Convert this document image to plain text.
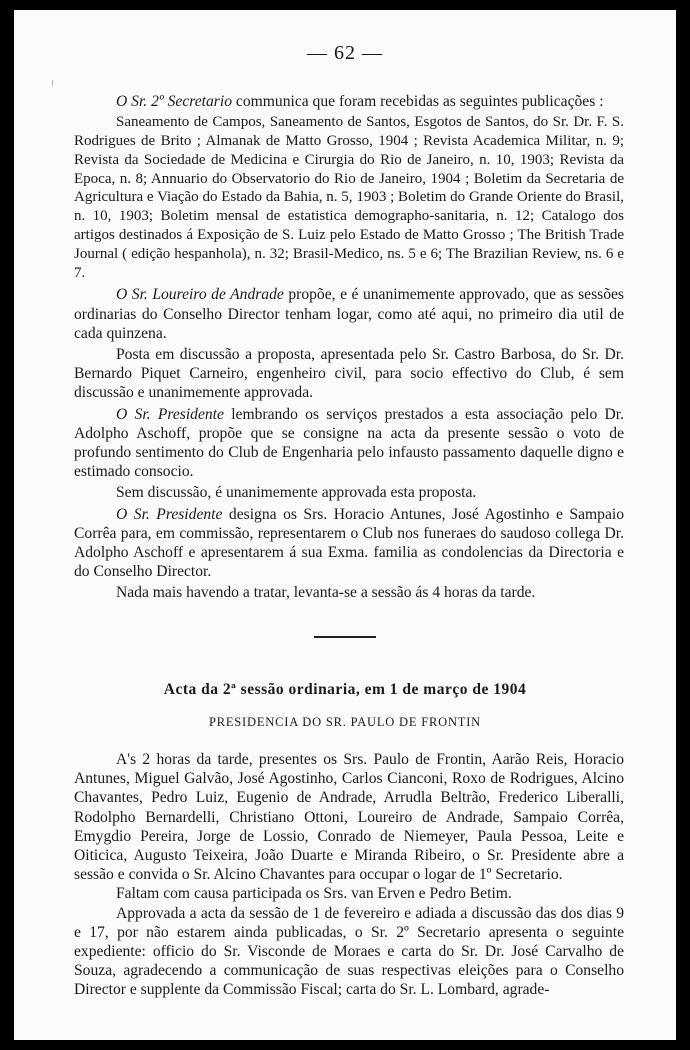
— 62 —

O Sr. 2º Secretario communica que foram recebidas as seguintes publicações :

Saneamento de Campos, Saneamento de Santos, Esgotos de Santos, do Sr. Dr. F. S. Rodrigues de Brito ; Almanak de Matto Grosso, 1904 ; Revista Academica Militar, n. 9; Revista da Sociedade de Medicina e Cirurgia do Rio de Janeiro, n. 10, 1903; Revista da Epoca, n. 8; Annuario do Observatorio do Rio de Janeiro, 1904 ; Boletim da Secretaria de Agricultura e Viação do Estado da Bahia, n. 5, 1903 ; Boletim do Grande Oriente do Brasil, n. 10, 1903; Boletim mensal de estatistica demographo-sanitaria, n. 12; Catalogo dos artigos destinados á Exposição de S. Luiz pelo Estado de Matto Grosso ; The British Trade Journal ( edição hespanhola), n. 32; Brasil-Medico, ns. 5 e 6; The Brazilian Review, ns. 6 e 7.

O Sr. Loureiro de Andrade propõe, e é unanimemente approvado, que as sessões ordinarias do Conselho Director tenham logar, como até aqui, no primeiro dia util de cada quinzena.

Posta em discussão a proposta, apresentada pelo Sr. Castro Barbosa, do Sr. Dr. Bernardo Piquet Carneiro, engenheiro civil, para socio effectivo do Club, é sem discussão e unanimemente approvada.

O Sr. Presidente lembrando os serviços prestados a esta associação pelo Dr. Adolpho Aschoff, propõe que se consigne na acta da presente sessão o voto de profundo sentimento do Club de Engenharia pelo infausto passamento daquelle digno e estimado consocio.

Sem discussão, é unanimemente approvada esta proposta.

O Sr. Presidente designa os Srs. Horacio Antunes, José Agostinho e Sampaio Corrêa para, em commissão, representarem o Club nos funeraes do saudoso collega Dr. Adolpho Aschoff e apresentarem á sua Exma. familia as condolencias da Directoria e do Conselho Director.

Nada mais havendo a tratar, levanta-se a sessão ás 4 horas da tarde.

Acta da 2ª sessão ordinaria, em 1 de março de 1904
PRESIDENCIA DO SR. PAULO DE FRONTIN

A's 2 horas da tarde, presentes os Srs. Paulo de Frontin, Aarão Reis, Horacio Antunes, Miguel Galvão, José Agostinho, Carlos Cianconi, Roxo de Rodrigues, Alcino Chavantes, Pedro Luiz, Eugenio de Andrade, Arrudla Beltrão, Frederico Liberalli, Rodolpho Bernardelli, Christiano Ottoni, Loureiro de Andrade, Sampaio Corrêa, Emygdio Pereira, Jorge de Lossio, Conrado de Niemeyer, Paula Pessoa, Leite e Oiticica, Augusto Teixeira, João Duarte e Miranda Ribeiro, o Sr. Presidente abre a sessão e convida o Sr. Alcino Chavantes para occupar o logar de 1º Secretario.

Faltam com causa participada os Srs. van Erven e Pedro Betim.

Approvada a acta da sessão de 1 de fevereiro e adiada a discussão das dos dias 9 e 17, por não estarem ainda publicadas, o Sr. 2º Secretario apresenta o seguinte expediente: officio do Sr. Visconde de Moraes e carta do Sr. Dr. José Carvalho de Souza, agradecendo a communicação de suas respectivas eleições para o Conselho Director e supplente da Commissão Fiscal; carta do Sr. L. Lombard, agrade-
